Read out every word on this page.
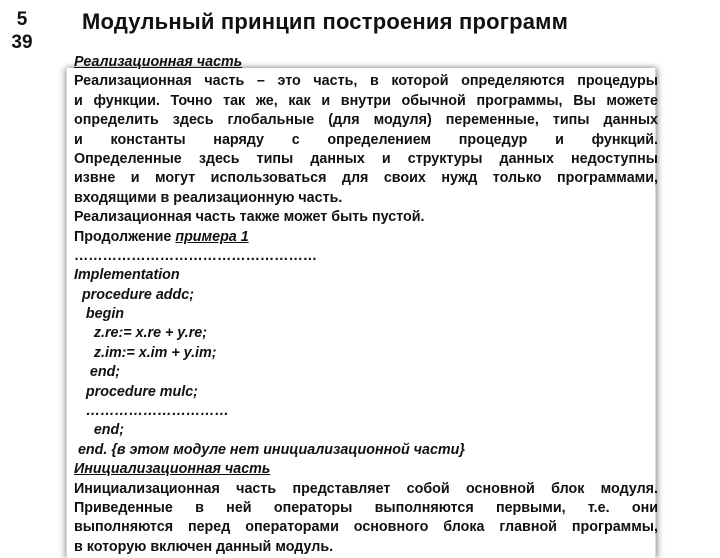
5
39
Модульный принцип построения программ
Реализационная часть
Реализационная часть – это часть, в которой определяются процедуры
и функции. Точно так же, как и внутри обычной программы, Вы можете
определить здесь глобальные (для модуля) переменные, типы данных
и константы наряду с определением процедур и функций.
Определенные здесь типы данных и структуры данных недоступны
извне и могут использоваться для своих нужд только программами,
входящими в реализационную часть.
Реализационная часть также может быть пустой.
Продолжение примера 1
……………………………………………
Implementation
procedure addc;
begin
z.re:= x.re + y.re;
z.im:= x.im + y.im;
end;
procedure mulc;
…………………………
end;
end. {в этом модуле нет инициализационной части}
Инициализационная часть
Инициализационная часть представляет собой основной блок модуля.
Приведенные в ней операторы выполняются первыми, т.е. они
выполняются перед операторами основного блока главной программы,
в которую включен данный модуль.
